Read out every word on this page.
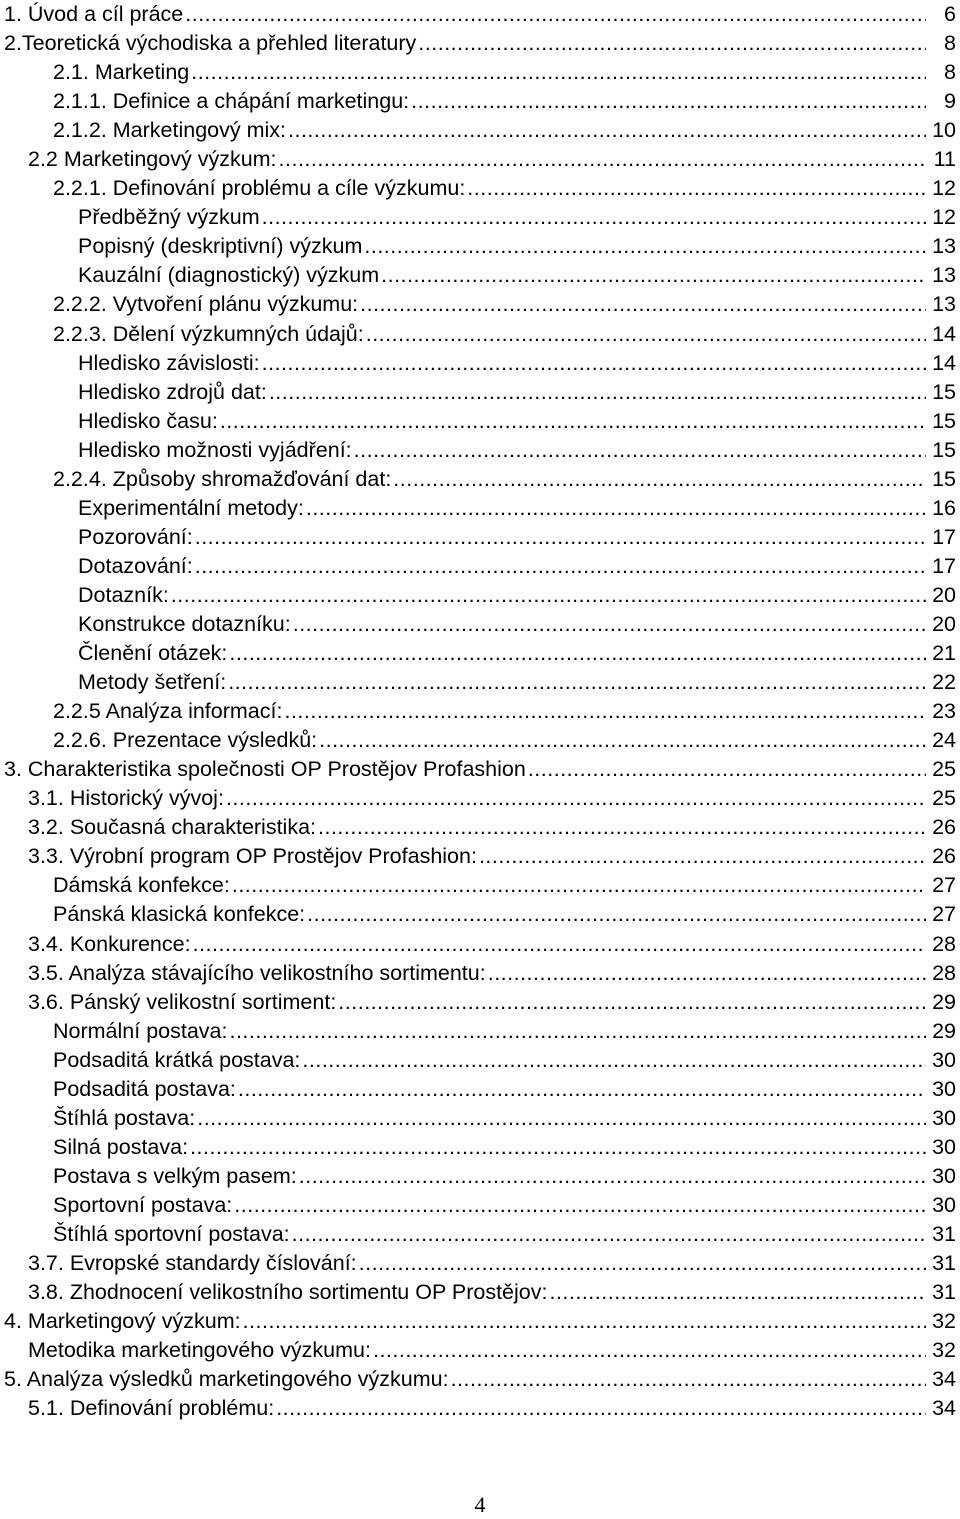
1. Úvod a cíl práce .....	6
2.Teoretická východiska a přehled literatury .....	8
2.1. Marketing .....	8
2.1.1. Definice a chápání marketingu: .....	9
2.1.2. Marketingový mix: .....	10
2.2 Marketingový výzkum: .....	11
2.2.1. Definování problému a cíle výzkumu: .....	12
Předběžný výzkum .....	12
Popisný (deskriptivní) výzkum .....	13
Kauzální (diagnostický) výzkum .....	13
2.2.2. Vytvoření plánu výzkumu: .....	13
2.2.3. Dělení výzkumných údajů: .....	14
Hledisko závislosti: .....	14
Hledisko zdrojů dat: .....	15
Hledisko času: .....	15
Hledisko možnosti vyjádření: .....	15
2.2.4. Způsoby shromažďování dat: .....	15
Experimentální metody: .....	16
Pozorování: .....	17
Dotazování: .....	17
Dotazník: .....	20
Konstrukce dotazníku: .....	20
Členění otázek: .....	21
Metody šetření: .....	22
2.2.5 Analýza informací: .....	23
2.2.6. Prezentace výsledků: .....	24
3. Charakteristika společnosti OP Prostějov Profashion .....	25
3.1. Historický vývoj: .....	25
3.2. Současná charakteristika: .....	26
3.3. Výrobní program OP Prostějov Profashion: .....	26
Dámská konfekce: .....	27
Pánská klasická konfekce: .....	27
3.4. Konkurence: .....	28
3.5. Analýza stávajícího velikostního sortimentu: .....	28
3.6. Pánský velikostní sortiment: .....	29
Normální postava: .....	29
Podsaditá krátká postava: .....	30
Podsaditá postava: .....	30
Štíhlá postava: .....	30
Silná postava: .....	30
Postava s velkým pasem: .....	30
Sportovní postava: .....	30
Štíhlá sportovní postava: .....	31
3.7. Evropské standardy číslování: .....	31
3.8. Zhodnocení velikostního sortimentu OP Prostějov: .....	31
4. Marketingový výzkum: .....	32
Metodika marketingového výzkumu: .....	32
5. Analýza výsledků marketingového výzkumu: .....	34
5.1. Definování problému: .....	34
4
